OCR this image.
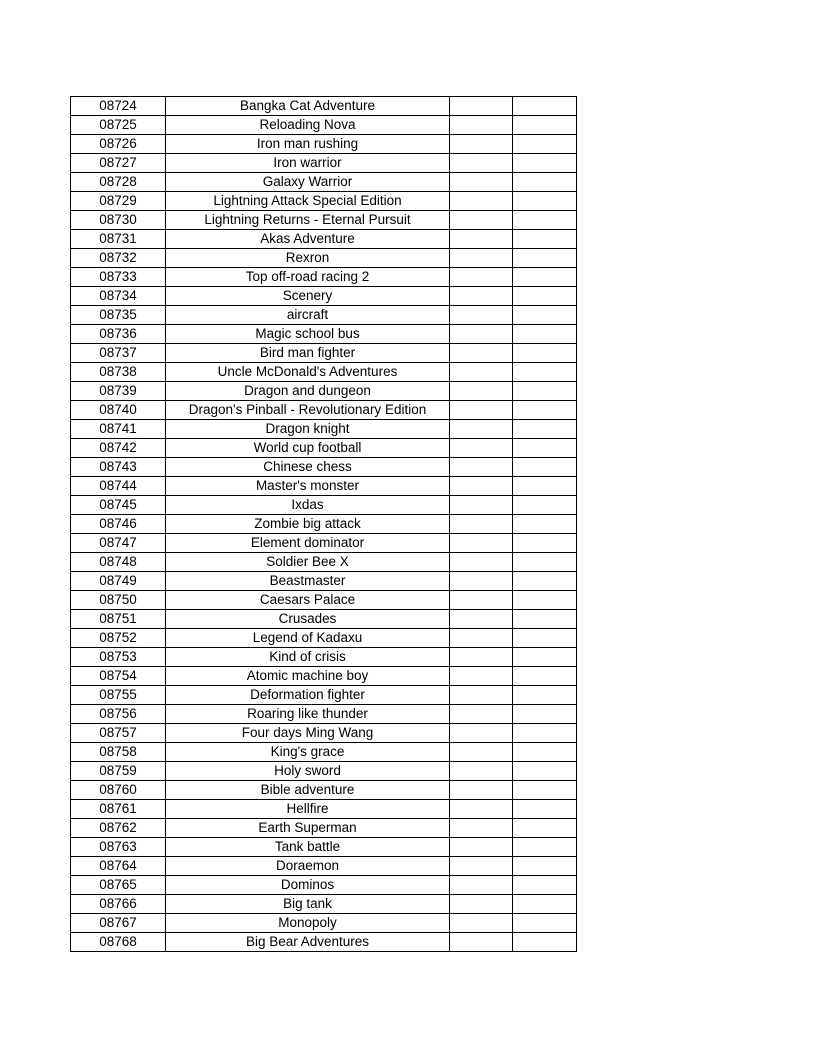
08724	Bangka Cat Adventure		
08725	Reloading Nova		
08726	Iron man rushing		
08727	Iron warrior		
08728	Galaxy Warrior		
08729	Lightning Attack Special Edition		
08730	Lightning Returns - Eternal Pursuit		
08731	Akas Adventure		
08732	Rexron		
08733	Top off-road racing 2		
08734	Scenery		
08735	aircraft		
08736	Magic school bus		
08737	Bird man fighter		
08738	Uncle McDonald's Adventures		
08739	Dragon and dungeon		
08740	Dragon's Pinball - Revolutionary Edition		
08741	Dragon knight		
08742	World cup football		
08743	Chinese chess		
08744	Master's monster		
08745	Ixdas		
08746	Zombie big attack		
08747	Element dominator		
08748	Soldier Bee X		
08749	Beastmaster		
08750	Caesars Palace		
08751	Crusades		
08752	Legend of Kadaxu		
08753	Kind of crisis		
08754	Atomic machine boy		
08755	Deformation fighter		
08756	Roaring like thunder		
08757	Four days Ming Wang		
08758	King's grace		
08759	Holy sword		
08760	Bible adventure		
08761	Hellfire		
08762	Earth Superman		
08763	Tank battle		
08764	Doraemon		
08765	Dominos		
08766	Big tank		
08767	Monopoly		
08768	Big Bear Adventures		
